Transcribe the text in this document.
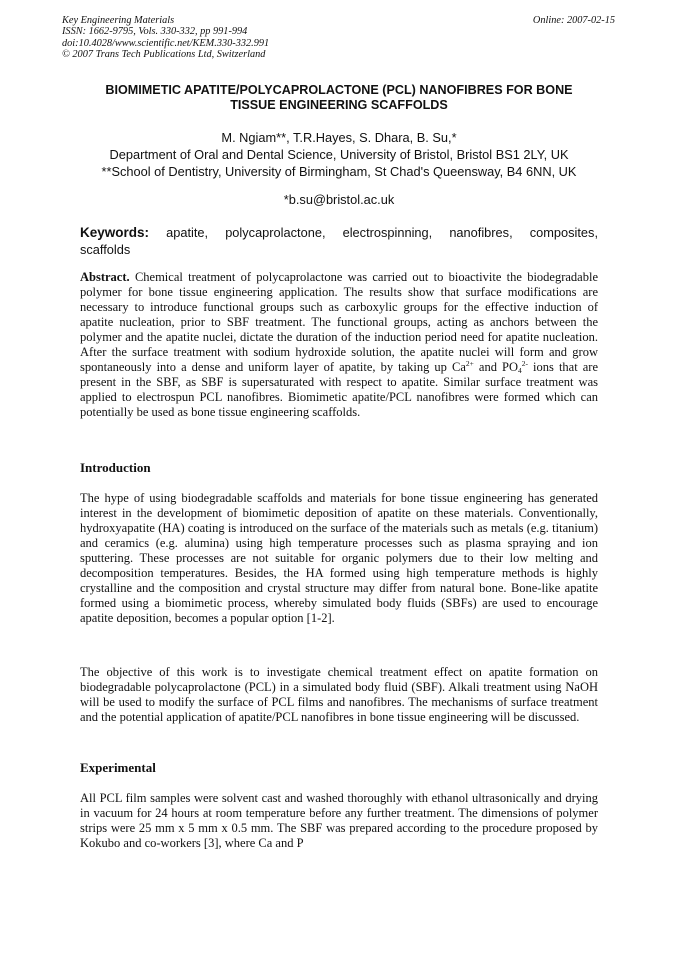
Key Engineering Materials
ISSN: 1662-9795, Vols. 330-332, pp 991-994
doi:10.4028/www.scientific.net/KEM.330-332.991
© 2007 Trans Tech Publications Ltd, Switzerland
Online: 2007-02-15
BIOMIMETIC APATITE/POLYCAPROLACTONE (PCL) NANOFIBRES FOR BONE
TISSUE ENGINEERING SCAFFOLDS
M. Ngiam**, T.R.Hayes, S. Dhara, B. Su,*
Department of Oral and Dental Science, University of Bristol, Bristol BS1 2LY, UK
**School of Dentistry, University of Birmingham, St Chad's Queensway, B4 6NN, UK
*b.su@bristol.ac.uk
Keywords: apatite, polycaprolactone, electrospinning, nanofibres, composites, scaffolds
Abstract. Chemical treatment of polycaprolactone was carried out to bioactivite the biodegradable polymer for bone tissue engineering application. The results show that surface modifications are necessary to introduce functional groups such as carboxylic groups for the effective induction of apatite nucleation, prior to SBF treatment. The functional groups, acting as anchors between the polymer and the apatite nuclei, dictate the duration of the induction period need for apatite nucleation. After the surface treatment with sodium hydroxide solution, the apatite nuclei will form and grow spontaneously into a dense and uniform layer of apatite, by taking up $Ca^{2+}$ and $PO_4^{2-}$ ions that are present in the SBF, as SBF is supersaturated with respect to apatite. Similar surface treatment was applied to electrospun PCL nanofibres. Biomimetic apatite/PCL nanofibres were formed which can potentially be used as bone tissue engineering scaffolds.
Introduction
The hype of using biodegradable scaffolds and materials for bone tissue engineering has generated interest in the development of biomimetic deposition of apatite on these materials. Conventionally, hydroxyapatite (HA) coating is introduced on the surface of the materials such as metals (e.g. titanium) and ceramics (e.g. alumina) using high temperature processes such as plasma spraying and ion sputtering. These processes are not suitable for organic polymers due to their low melting and decomposition temperatures. Besides, the HA formed using high temperature methods is highly crystalline and the composition and crystal structure may differ from natural bone. Bone-like apatite formed using a biomimetic process, whereby simulated body fluids (SBFs) are used to encourage apatite deposition, becomes a popular option [1-2].
The objective of this work is to investigate chemical treatment effect on apatite formation on biodegradable polycaprolactone (PCL) in a simulated body fluid (SBF). Alkali treatment using NaOH will be used to modify the surface of PCL films and nanofibres. The mechanisms of surface treatment and the potential application of apatite/PCL nanofibres in bone tissue engineering will be discussed.
Experimental
All PCL film samples were solvent cast and washed thoroughly with ethanol ultrasonically and drying in vacuum for 24 hours at room temperature before any further treatment. The dimensions of polymer strips were 25 mm x 5 mm x 0.5 mm. The SBF was prepared according to the procedure proposed by Kokubo and co-workers [3], where Ca and P
